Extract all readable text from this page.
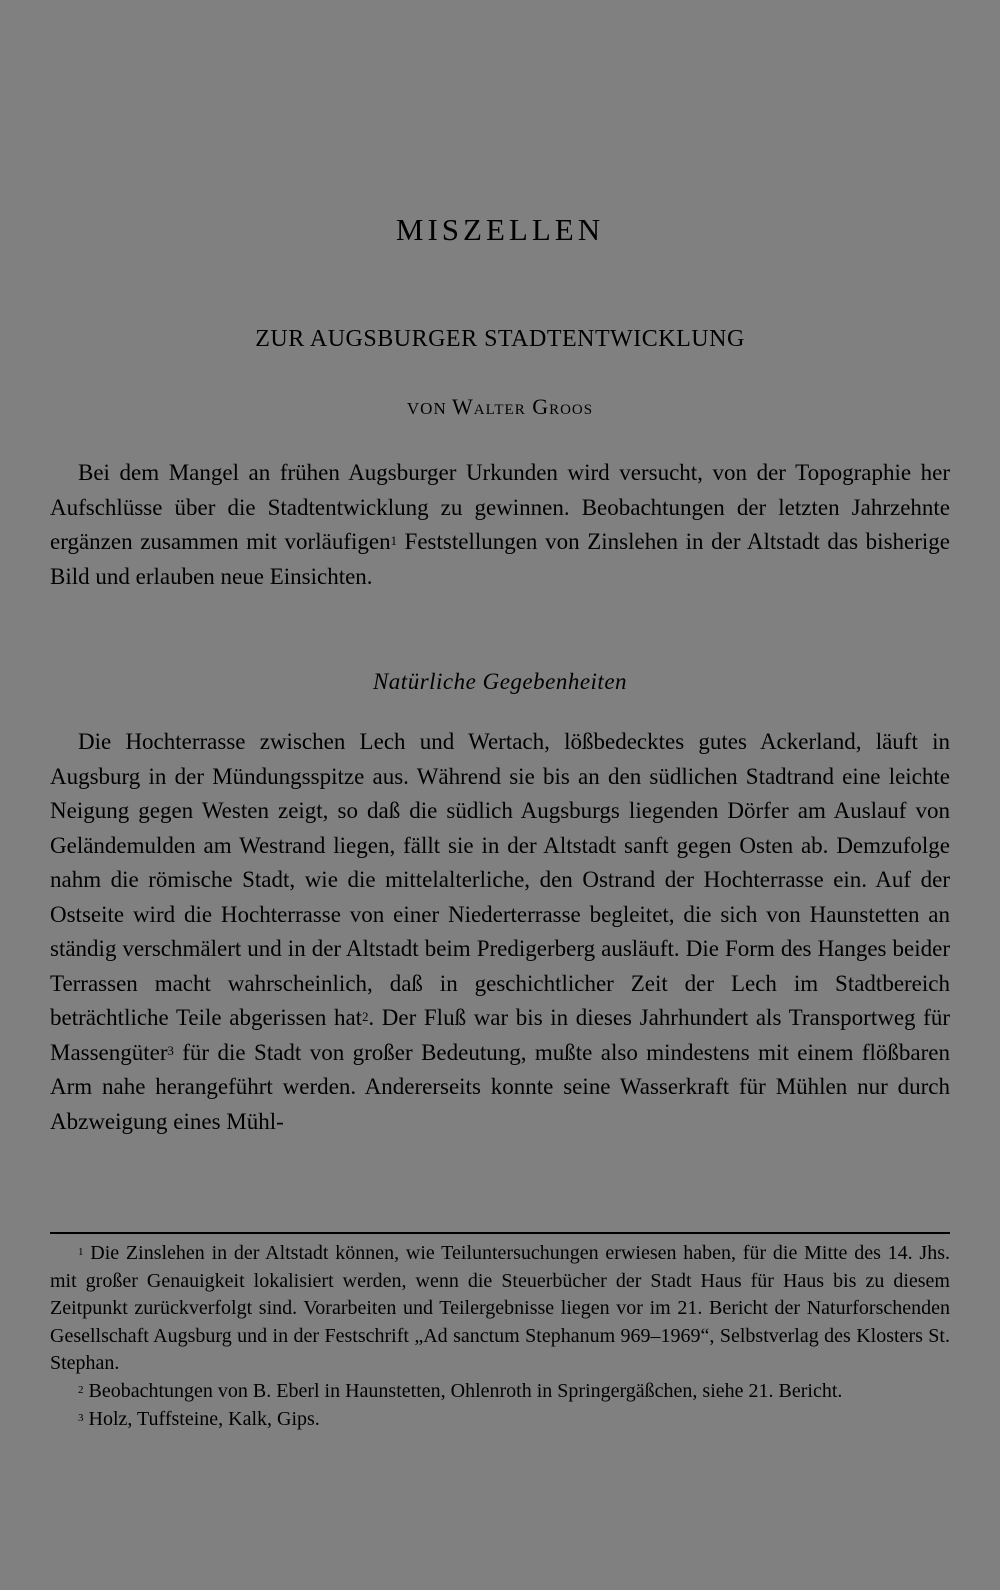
MISZELLEN
ZUR AUGSBURGER STADTENTWICKLUNG
VON Walter Groos

Bei dem Mangel an frühen Augsburger Urkunden wird versucht, von der Topographie her Aufschlüsse über die Stadtentwicklung zu gewinnen. Beobachtungen der letzten Jahrzehnte ergänzen zusammen mit vorläufigen$^1$ Feststellungen von Zinslehen in der Altstadt das bisherige Bild und erlauben neue Einsichten.

Natürliche Gegebenheiten

Die Hochterrasse zwischen Lech und Wertach, lößbedecktes gutes Ackerland, läuft in Augsburg in der Mündungsspitze aus. Während sie bis an den südlichen Stadtrand eine leichte Neigung gegen Westen zeigt, so daß die südlich Augsburgs liegenden Dörfer am Auslauf von Geländemulden am Westrand liegen, fällt sie in der Altstadt sanft gegen Osten ab. Demzufolge nahm die römische Stadt, wie die mittelalterliche, den Ostrand der Hochterrasse ein. Auf der Ostseite wird die Hochterrasse von einer Niederterrasse begleitet, die sich von Haunstetten an ständig verschmälert und in der Altstadt beim Predigerberg ausläuft. Die Form des Hanges beider Terrassen macht wahrscheinlich, daß in geschichtlicher Zeit der Lech im Stadtbereich beträchtliche Teile abgerissen hat$^2$. Der Fluß war bis in dieses Jahrhundert als Transportweg für Massengüter$^3$ für die Stadt von großer Bedeutung, mußte also mindestens mit einem flößbaren Arm nahe herangeführt werden. Andererseits konnte seine Wasserkraft für Mühlen nur durch Abzweigung eines Mühl-

$^1$ Die Zinslehen in der Altstadt können, wie Teiluntersuchungen erwiesen haben, für die Mitte des 14. Jhs. mit großer Genauigkeit lokalisiert werden, wenn die Steuerbücher der Stadt Haus für Haus bis zu diesem Zeitpunkt zurückverfolgt sind. Vorarbeiten und Teilergebnisse liegen vor im 21. Bericht der Naturforschenden Gesellschaft Augsburg und in der Festschrift „Ad sanctum Stephanum 969–1969“, Selbstverlag des Klosters St. Stephan.

$^2$ Beobachtungen von B. Eberl in Haunstetten, Ohlenroth in Springergäßchen, siehe 21. Bericht.

$^3$ Holz, Tuffsteine, Kalk, Gips.
